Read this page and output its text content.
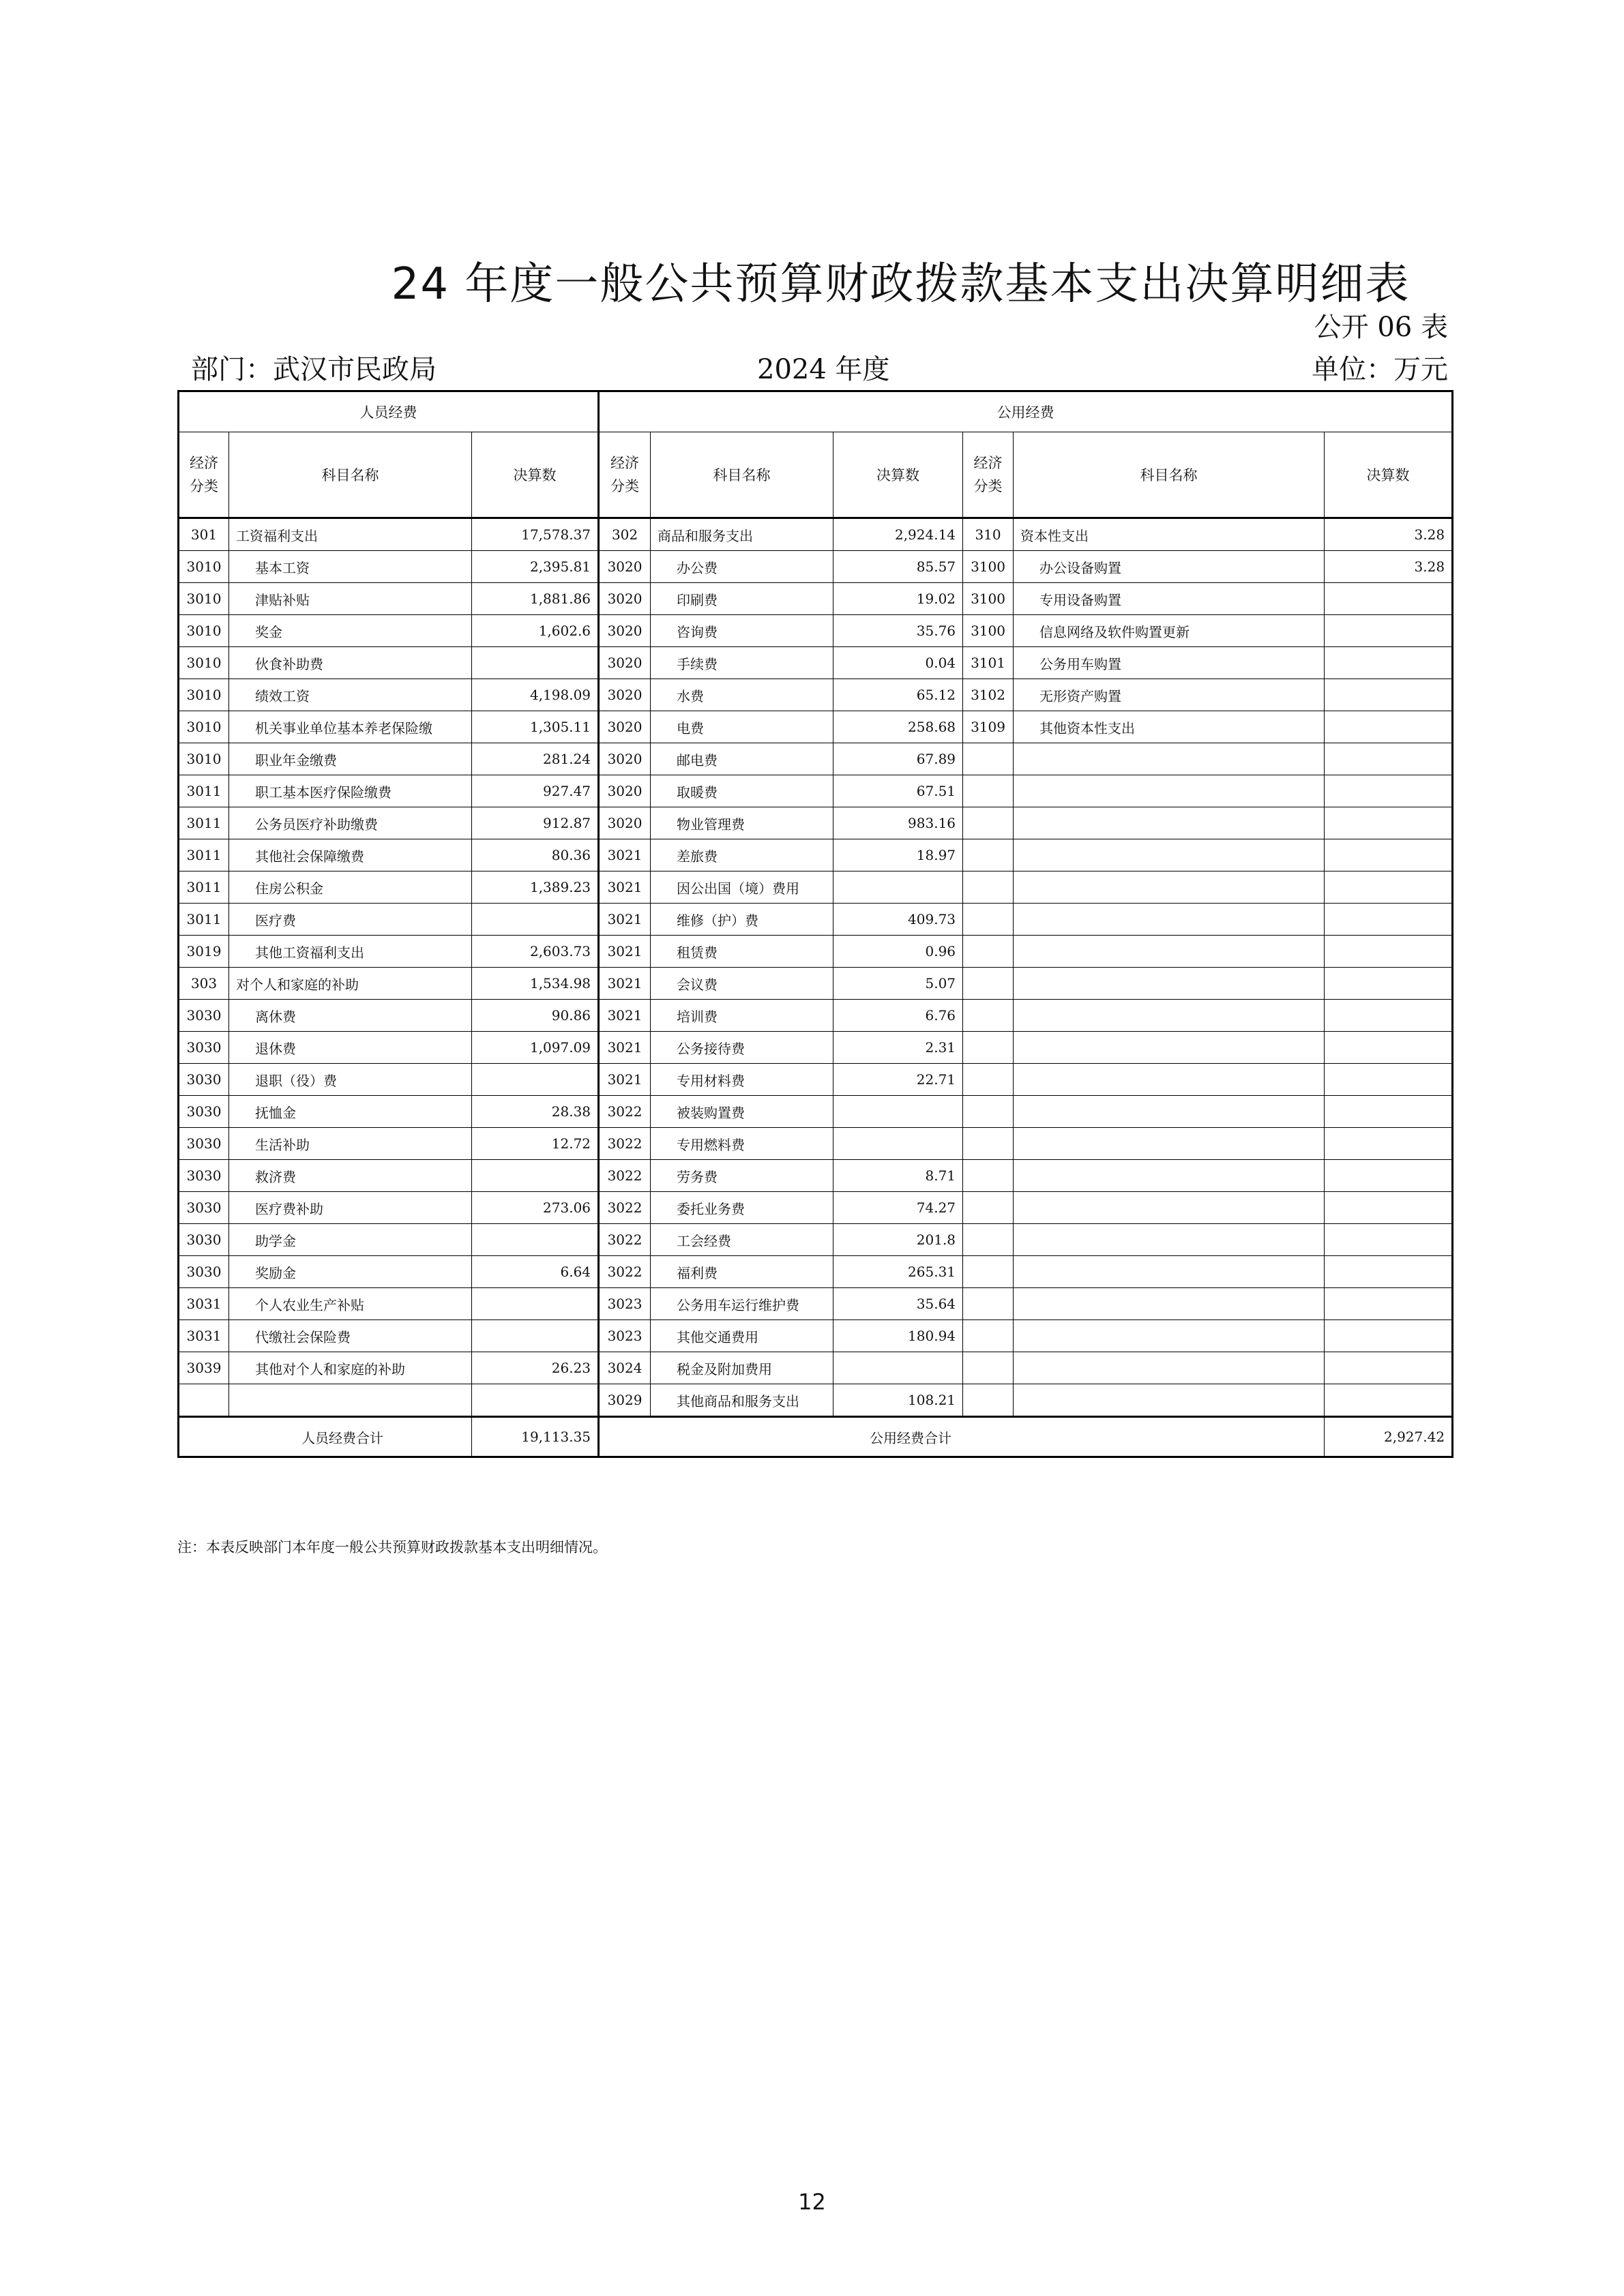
24 年度一般公共预算财政拨款基本支出决算明细表
公开 06 表
部门：武汉市民政局	2024 年度	单位：万元
人员经费			公用经费					
经济
分类	科目名称	决算数	经济
分类	科目名称	决算数	经济
分类	科目名称	决算数
301	工资福利支出	17,578.37	302	商品和服务支出	2,924.14	310	资本性支出	3.28
3010	基本工资	2,395.81	3020	办公费	85.57	3100	办公设备购置	3.28
3010	津贴补贴	1,881.86	3020	印刷费	19.02	3100	专用设备购置	
3010	奖金	1,602.6	3020	咨询费	35.76	3100	信息网络及软件购置更新	
3010	伙食补助费		3020	手续费	0.04	3101	公务用车购置	
3010	绩效工资	4,198.09	3020	水费	65.12	3102	无形资产购置	
3010	机关事业单位基本养老保险缴	1,305.11	3020	电费	258.68	3109	其他资本性支出	
3010	职业年金缴费	281.24	3020	邮电费	67.89			
3011	职工基本医疗保险缴费	927.47	3020	取暖费	67.51			
3011	公务员医疗补助缴费	912.87	3020	物业管理费	983.16			
3011	其他社会保障缴费	80.36	3021	差旅费	18.97			
3011	住房公积金	1,389.23	3021	因公出国（境）费用				
3011	医疗费		3021	维修（护）费	409.73			
3019	其他工资福利支出	2,603.73	3021	租赁费	0.96			
303	对个人和家庭的补助	1,534.98	3021	会议费	5.07			
3030	离休费	90.86	3021	培训费	6.76			
3030	退休费	1,097.09	3021	公务接待费	2.31			
3030	退职（役）费		3021	专用材料费	22.71			
3030	抚恤金	28.38	3022	被装购置费				
3030	生活补助	12.72	3022	专用燃料费				
3030	救济费		3022	劳务费	8.71			
3030	医疗费补助	273.06	3022	委托业务费	74.27			
3030	助学金		3022	工会经费	201.8			
3030	奖励金	6.64	3022	福利费	265.31			
3031	个人农业生产补贴		3023	公务用车运行维护费	35.64			
3031	代缴社会保险费		3023	其他交通费用	180.94			
3039	其他对个人和家庭的补助	26.23	3024	税金及附加费用				
			3029	其他商品和服务支出	108.21			
人员经费合计		19,113.35	公用经费合计					2,927.42
注：本表反映部门本年度一般公共预算财政拨款基本支出明细情况。
12
